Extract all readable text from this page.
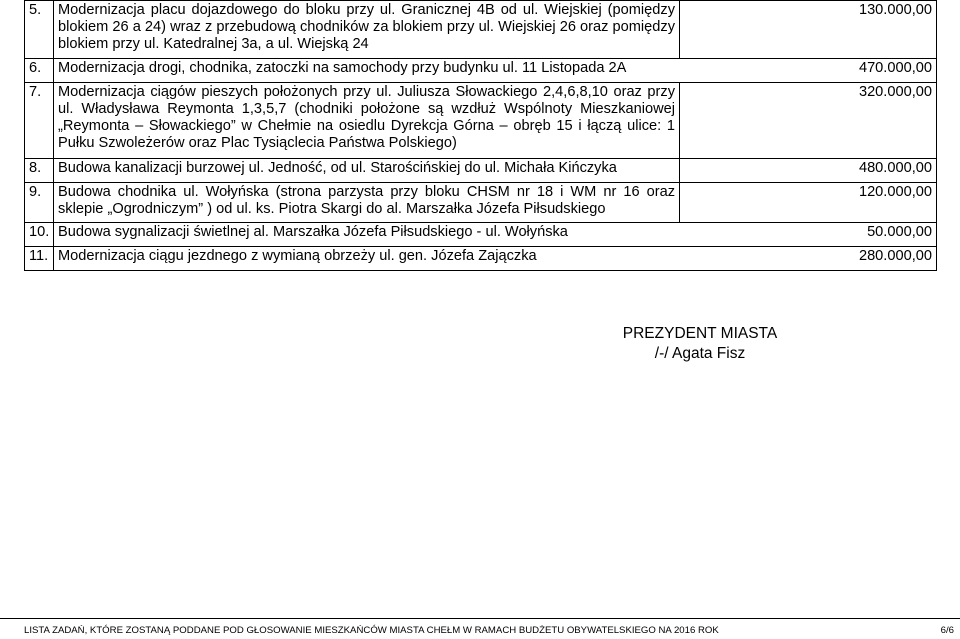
5.	Modernizacja placu dojazdowego do bloku przy ul. Granicznej 4B od ul. Wiejskiej (pomiędzy blokiem 26 a 24) wraz z przebudową chodników za blokiem przy ul. Wiejskiej 26 oraz pomiędzy blokiem przy ul. Katedralnej 3a, a ul. Wiejską 24	130.000,00
6.	Modernizacja drogi, chodnika, zatoczki na samochody przy budynku ul. 11 Listopada 2A 470.000,00	

7.	Modernizacja ciągów pieszych położonych przy ul. Juliusza Słowackiego 2,4,6,8,10 oraz przy ul. Władysława Reymonta 1,3,5,7 (chodniki położone są wzdłuż Wspólnoty Mieszkaniowej „Reymonta – Słowackiego” w Chełmie na osiedlu Dyrekcja Górna – obręb 15 i łączą ulice: 1 Pułku Szwoleżerów oraz Plac Tysiąclecia Państwa Polskiego)	320.000,00
8.	Budowa kanalizacji burzowej ul. Jedność, od ul. Starościńskiej do ul. Michała Kińczyka	480.000,00
9.	Budowa chodnika ul. Wołyńska (strona parzysta przy bloku CHSM nr 18 i WM nr 16 oraz sklepie „Ogrodniczym” ) od ul. ks. Piotra Skargi do al. Marszałka Józefa Piłsudskiego	120.000,00
10.	Budowa sygnalizacji świetlnej al. Marszałka Józefa Piłsudskiego - ul. Wołyńska 50.000,00	

11.	Modernizacja ciągu jezdnego z wymianą obrzeży ul. gen. Józefa Zajączka 280.000,00	
PREZYDENT MIASTA
/-/ Agata Fisz
LISTA ZADAŃ, KTÓRE ZOSTANĄ PODDANE POD GŁOSOWANIE MIESZKAŃCÓW MIASTA CHEŁM W RAMACH BUDŻETU OBYWATELSKIEGO NA 2016 ROK	6/6
